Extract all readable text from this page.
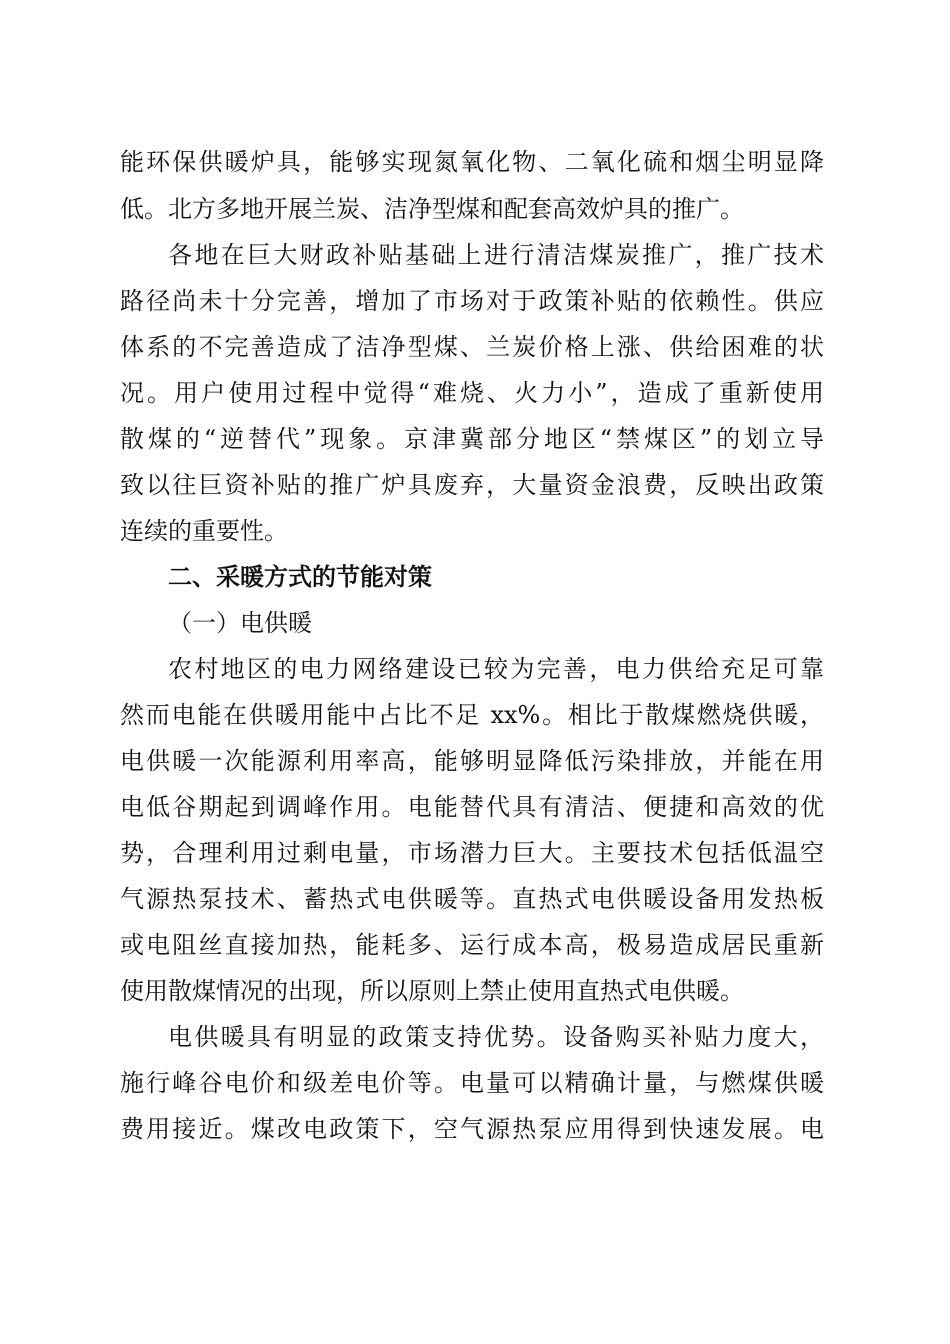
能环保供暖炉具，能够实现氮氧化物、二氧化硫和烟尘明显降
低。北方多地开展兰炭、洁净型煤和配套高效炉具的推广。
各地在巨大财政补贴基础上进行清洁煤炭推广，推广技术
路径尚未十分完善，增加了市场对于政策补贴的依赖性。供应
体系的不完善造成了洁净型煤、兰炭价格上涨、供给困难的状
况。用户使用过程中觉得“难烧、火力小”，造成了重新使用
散煤的“逆替代”现象。京津冀部分地区“禁煤区”的划立导
致以往巨资补贴的推广炉具废弃，大量资金浪费，反映出政策
连续的重要性。
二、采暖方式的节能对策
（一）电供暖
农村地区的电力网络建设已较为完善，电力供给充足可靠
然而电能在供暖用能中占比不足 xx%。相比于散煤燃烧供暖，
电供暖一次能源利用率高，能够明显降低污染排放，并能在用
电低谷期起到调峰作用。电能替代具有清洁、便捷和高效的优
势，合理利用过剩电量，市场潜力巨大。主要技术包括低温空
气源热泵技术、蓄热式电供暖等。直热式电供暖设备用发热板
或电阻丝直接加热，能耗多、运行成本高，极易造成居民重新
使用散煤情况的出现，所以原则上禁止使用直热式电供暖。
电供暖具有明显的政策支持优势。设备购买补贴力度大，
施行峰谷电价和级差电价等。电量可以精确计量，与燃煤供暖
费用接近。煤改电政策下，空气源热泵应用得到快速发展。电
